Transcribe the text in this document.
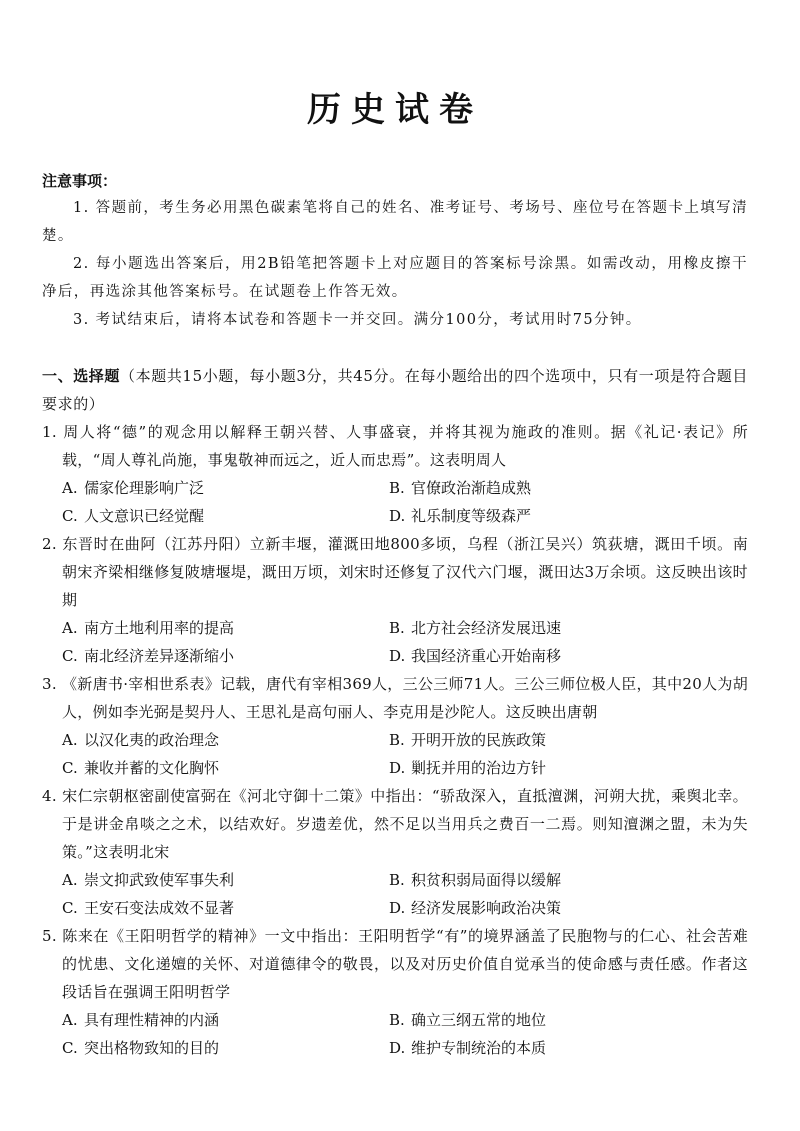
历史试卷

注意事项：

1. 答题前，考生务必用黑色碳素笔将自己的姓名、准考证号、考场号、座位号在答题卡上填写清楚。

2. 每小题选出答案后，用2B铅笔把答题卡上对应题目的答案标号涂黑。如需改动，用橡皮擦干净后，再选涂其他答案标号。在试题卷上作答无效。

3. 考试结束后，请将本试卷和答题卡一并交回。满分100分，考试用时75分钟。

一、选择题（本题共15小题，每小题3分，共45分。在每小题给出的四个选项中，只有一项是符合题目要求的）
1. 周人将“德”的观念用以解释王朝兴替、人事盛衰，并将其视为施政的准则。据《礼记·表记》所载，“周人尊礼尚施，事鬼敬神而远之，近人而忠焉”。这表明周人
A. 儒家伦理影响广泛	B. 官僚政治渐趋成熟
C. 人文意识已经觉醒	D. 礼乐制度等级森严
2. 东晋时在曲阿（江苏丹阳）立新丰堰，灌溉田地800多顷，乌程（浙江吴兴）筑荻塘，溉田千顷。南朝宋齐梁相继修复陂塘堰堤，溉田万顷，刘宋时还修复了汉代六门堰，溉田达3万余顷。这反映出该时期
A. 南方土地利用率的提高	B. 北方社会经济发展迅速
C. 南北经济差异逐渐缩小	D. 我国经济重心开始南移
3. 《新唐书·宰相世系表》记载，唐代有宰相369人，三公三师71人。三公三师位极人臣，其中20人为胡人，例如李光弼是契丹人、王思礼是高句丽人、李克用是沙陀人。这反映出唐朝
A. 以汉化夷的政治理念	B. 开明开放的民族政策
C. 兼收并蓄的文化胸怀	D. 剿抚并用的治边方针
4. 宋仁宗朝枢密副使富弼在《河北守御十二策》中指出：“骄敌深入，直抵澶渊，河朔大扰，乘舆北幸。于是讲金帛啖之之术，以结欢好。岁遗差优，然不足以当用兵之费百一二焉。则知澶渊之盟，未为失策。”这表明北宋
A. 崇文抑武致使军事失利	B. 积贫积弱局面得以缓解
C. 王安石变法成效不显著	D. 经济发展影响政治决策
5. 陈来在《王阳明哲学的精神》一文中指出：王阳明哲学“有”的境界涵盖了民胞物与的仁心、社会苦难的忧患、文化递嬗的关怀、对道德律令的敬畏，以及对历史价值自觉承当的使命感与责任感。作者这段话旨在强调王阳明哲学
A. 具有理性精神的内涵	B. 确立三纲五常的地位
C. 突出格物致知的目的	D. 维护专制统治的本质
